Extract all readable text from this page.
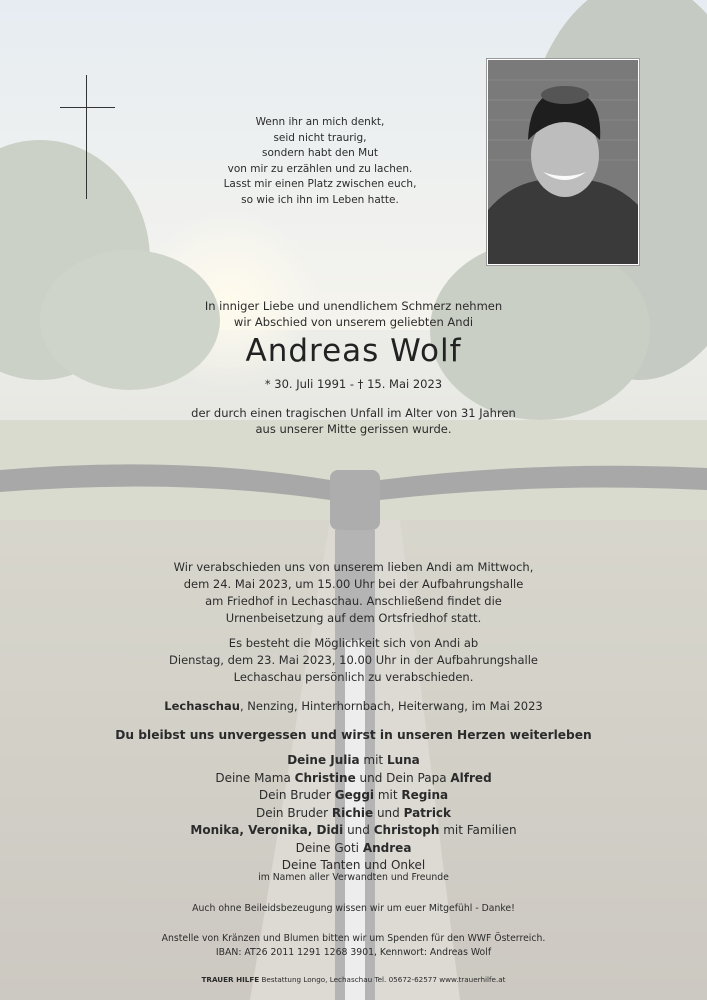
Wenn ihr an mich denkt,
seid nicht traurig,
sondern habt den Mut
von mir zu erzählen und zu lachen.
Lasst mir einen Platz zwischen euch,
so wie ich ihn im Leben hatte.
In inniger Liebe und unendlichem Schmerz nehmen
wir Abschied von unserem geliebten Andi
Andreas Wolf
* 30. Juli 1991 - † 15. Mai 2023
der durch einen tragischen Unfall im Alter von 31 Jahren
aus unserer Mitte gerissen wurde.
Wir verabschieden uns von unserem lieben Andi am Mittwoch,
dem 24. Mai 2023, um 15.00 Uhr bei der Aufbahrungshalle
am Friedhof in Lechaschau. Anschließend findet die
Urnenbeisetzung auf dem Ortsfriedhof statt.
Es besteht die Möglichkeit sich von Andi ab
Dienstag, dem 23. Mai 2023, 10.00 Uhr in der Aufbahrungshalle
Lechaschau persönlich zu verabschieden.
Lechaschau, Nenzing, Hinterhornbach, Heiterwang, im Mai 2023
Du bleibst uns unvergessen und wirst in unseren Herzen weiterleben
Deine Julia mit Luna
Deine Mama Christine und Dein Papa Alfred
Dein Bruder Geggi mit Regina
Dein Bruder Richie und Patrick
Monika, Veronika, Didi und Christoph mit Familien
Deine Goti Andrea
Deine Tanten und Onkel
im Namen aller Verwandten und Freunde
Auch ohne Beileidsbezeugung wissen wir um euer Mitgefühl - Danke!
Anstelle von Kränzen und Blumen bitten wir um Spenden für den WWF Österreich.
IBAN: AT26 2011 1291 1268 3901, Kennwort: Andreas Wolf
TRAUER HILFE Bestattung Longo, Lechaschau Tel. 05672-62577 www.trauerhilfe.at
